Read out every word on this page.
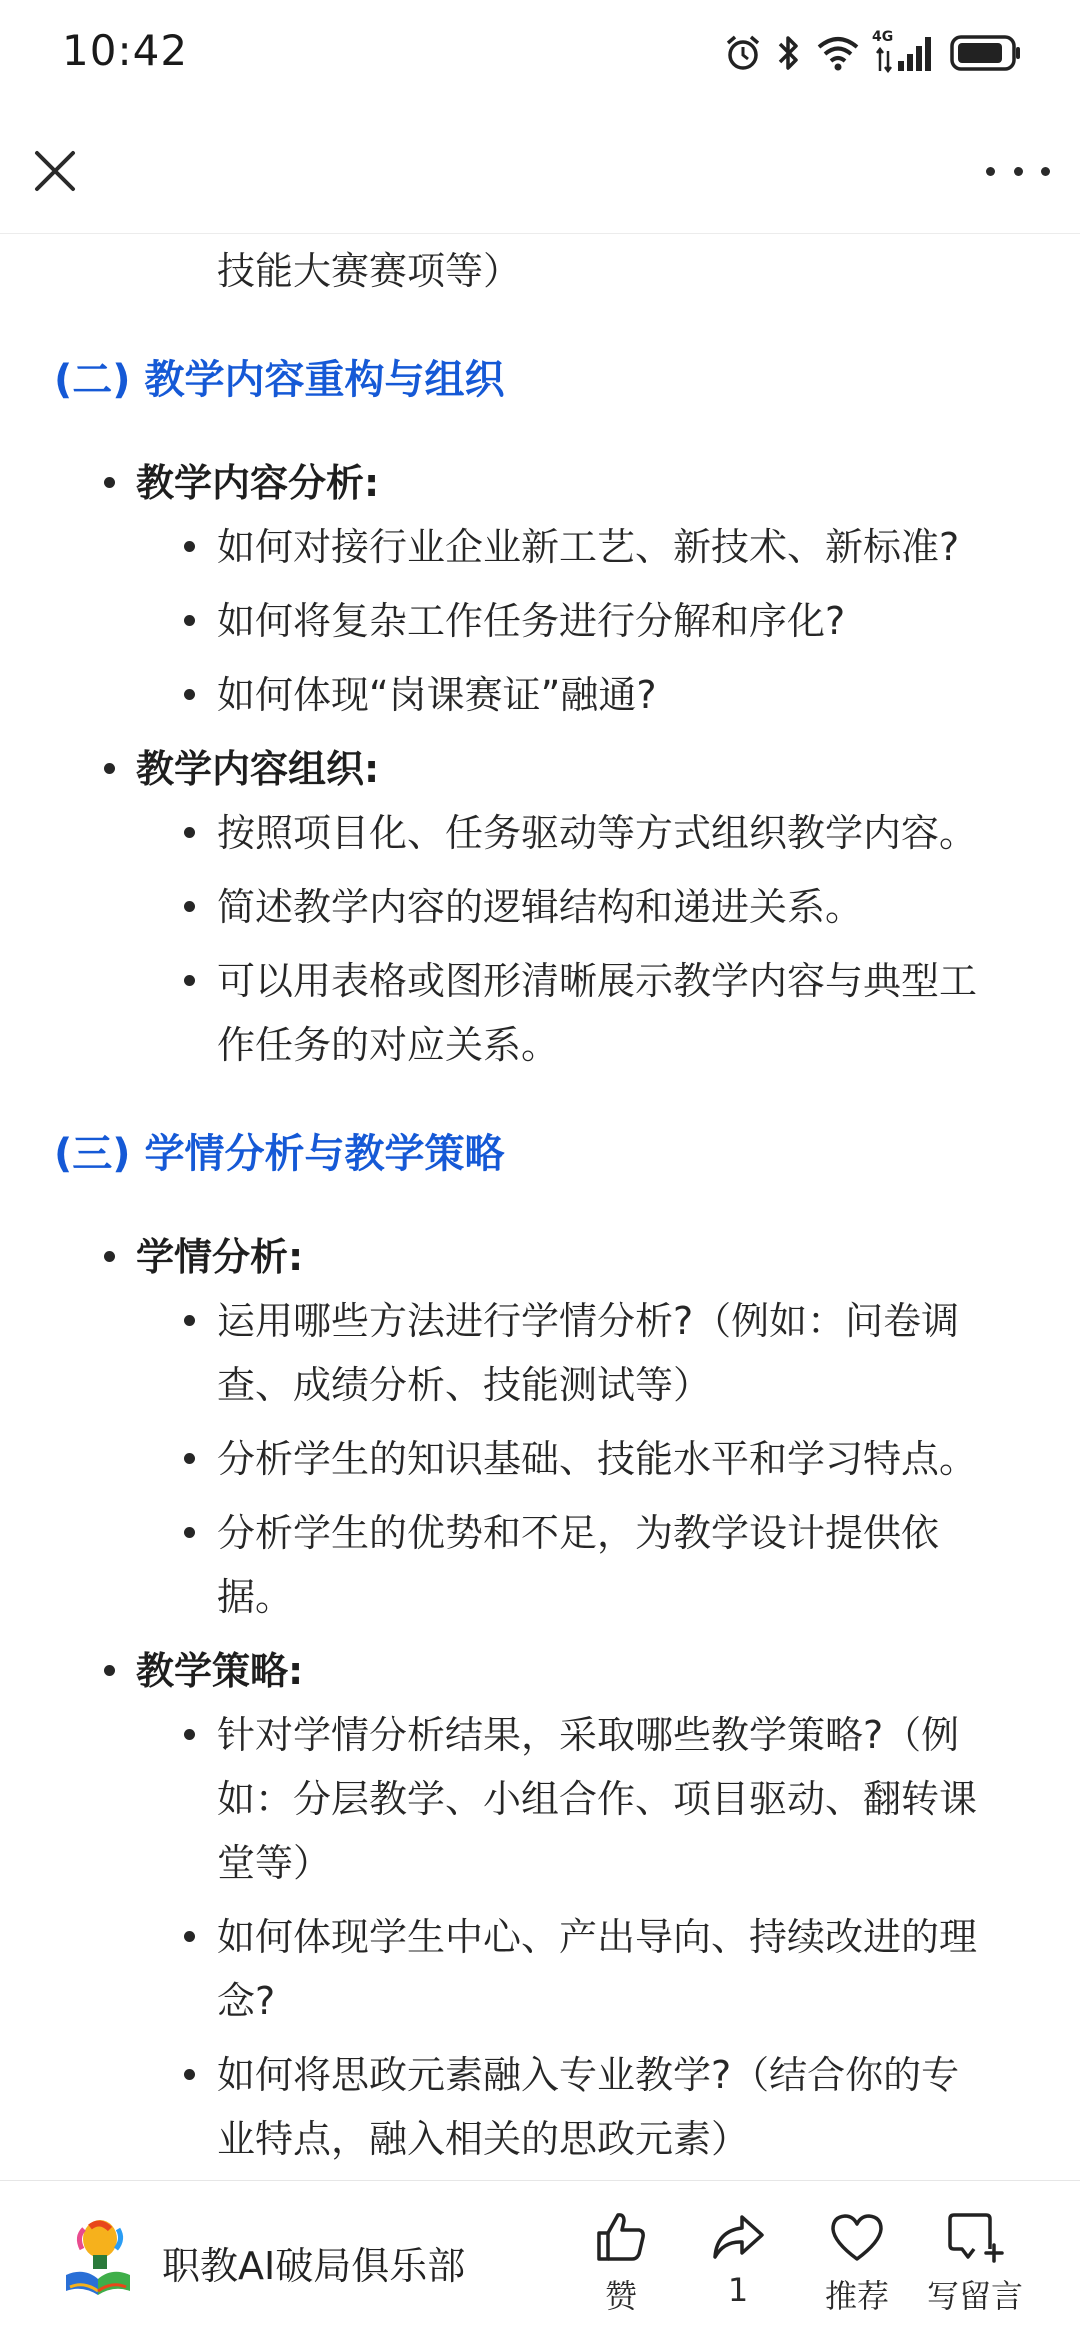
10:42	4G
技能大赛赛项等）
(二) 教学内容重构与组织
教学内容分析:
如何对接行业企业新工艺、新技术、新标准?
如何将复杂工作任务进行分解和序化?
如何体现“岗课赛证”融通?
教学内容组织:
按照项目化、任务驱动等方式组织教学内容。
简述教学内容的逻辑结构和递进关系。
可以用表格或图形清晰展示教学内容与典型工
作任务的对应关系。
(三) 学情分析与教学策略
学情分析:
运用哪些方法进行学情分析?（例如：问卷调
查、成绩分析、技能测试等）
分析学生的知识基础、技能水平和学习特点。
分析学生的优势和不足，为教学设计提供依
据。
教学策略:
针对学情分析结果，采取哪些教学策略?（例
如：分层教学、小组合作、项目驱动、翻转课
堂等）
如何体现学生中心、产出导向、持续改进的理
念?
如何将思政元素融入专业教学?（结合你的专
业特点，融入相关的思政元素）
职教AI破局俱乐部
赞	1	推荐	写留言
